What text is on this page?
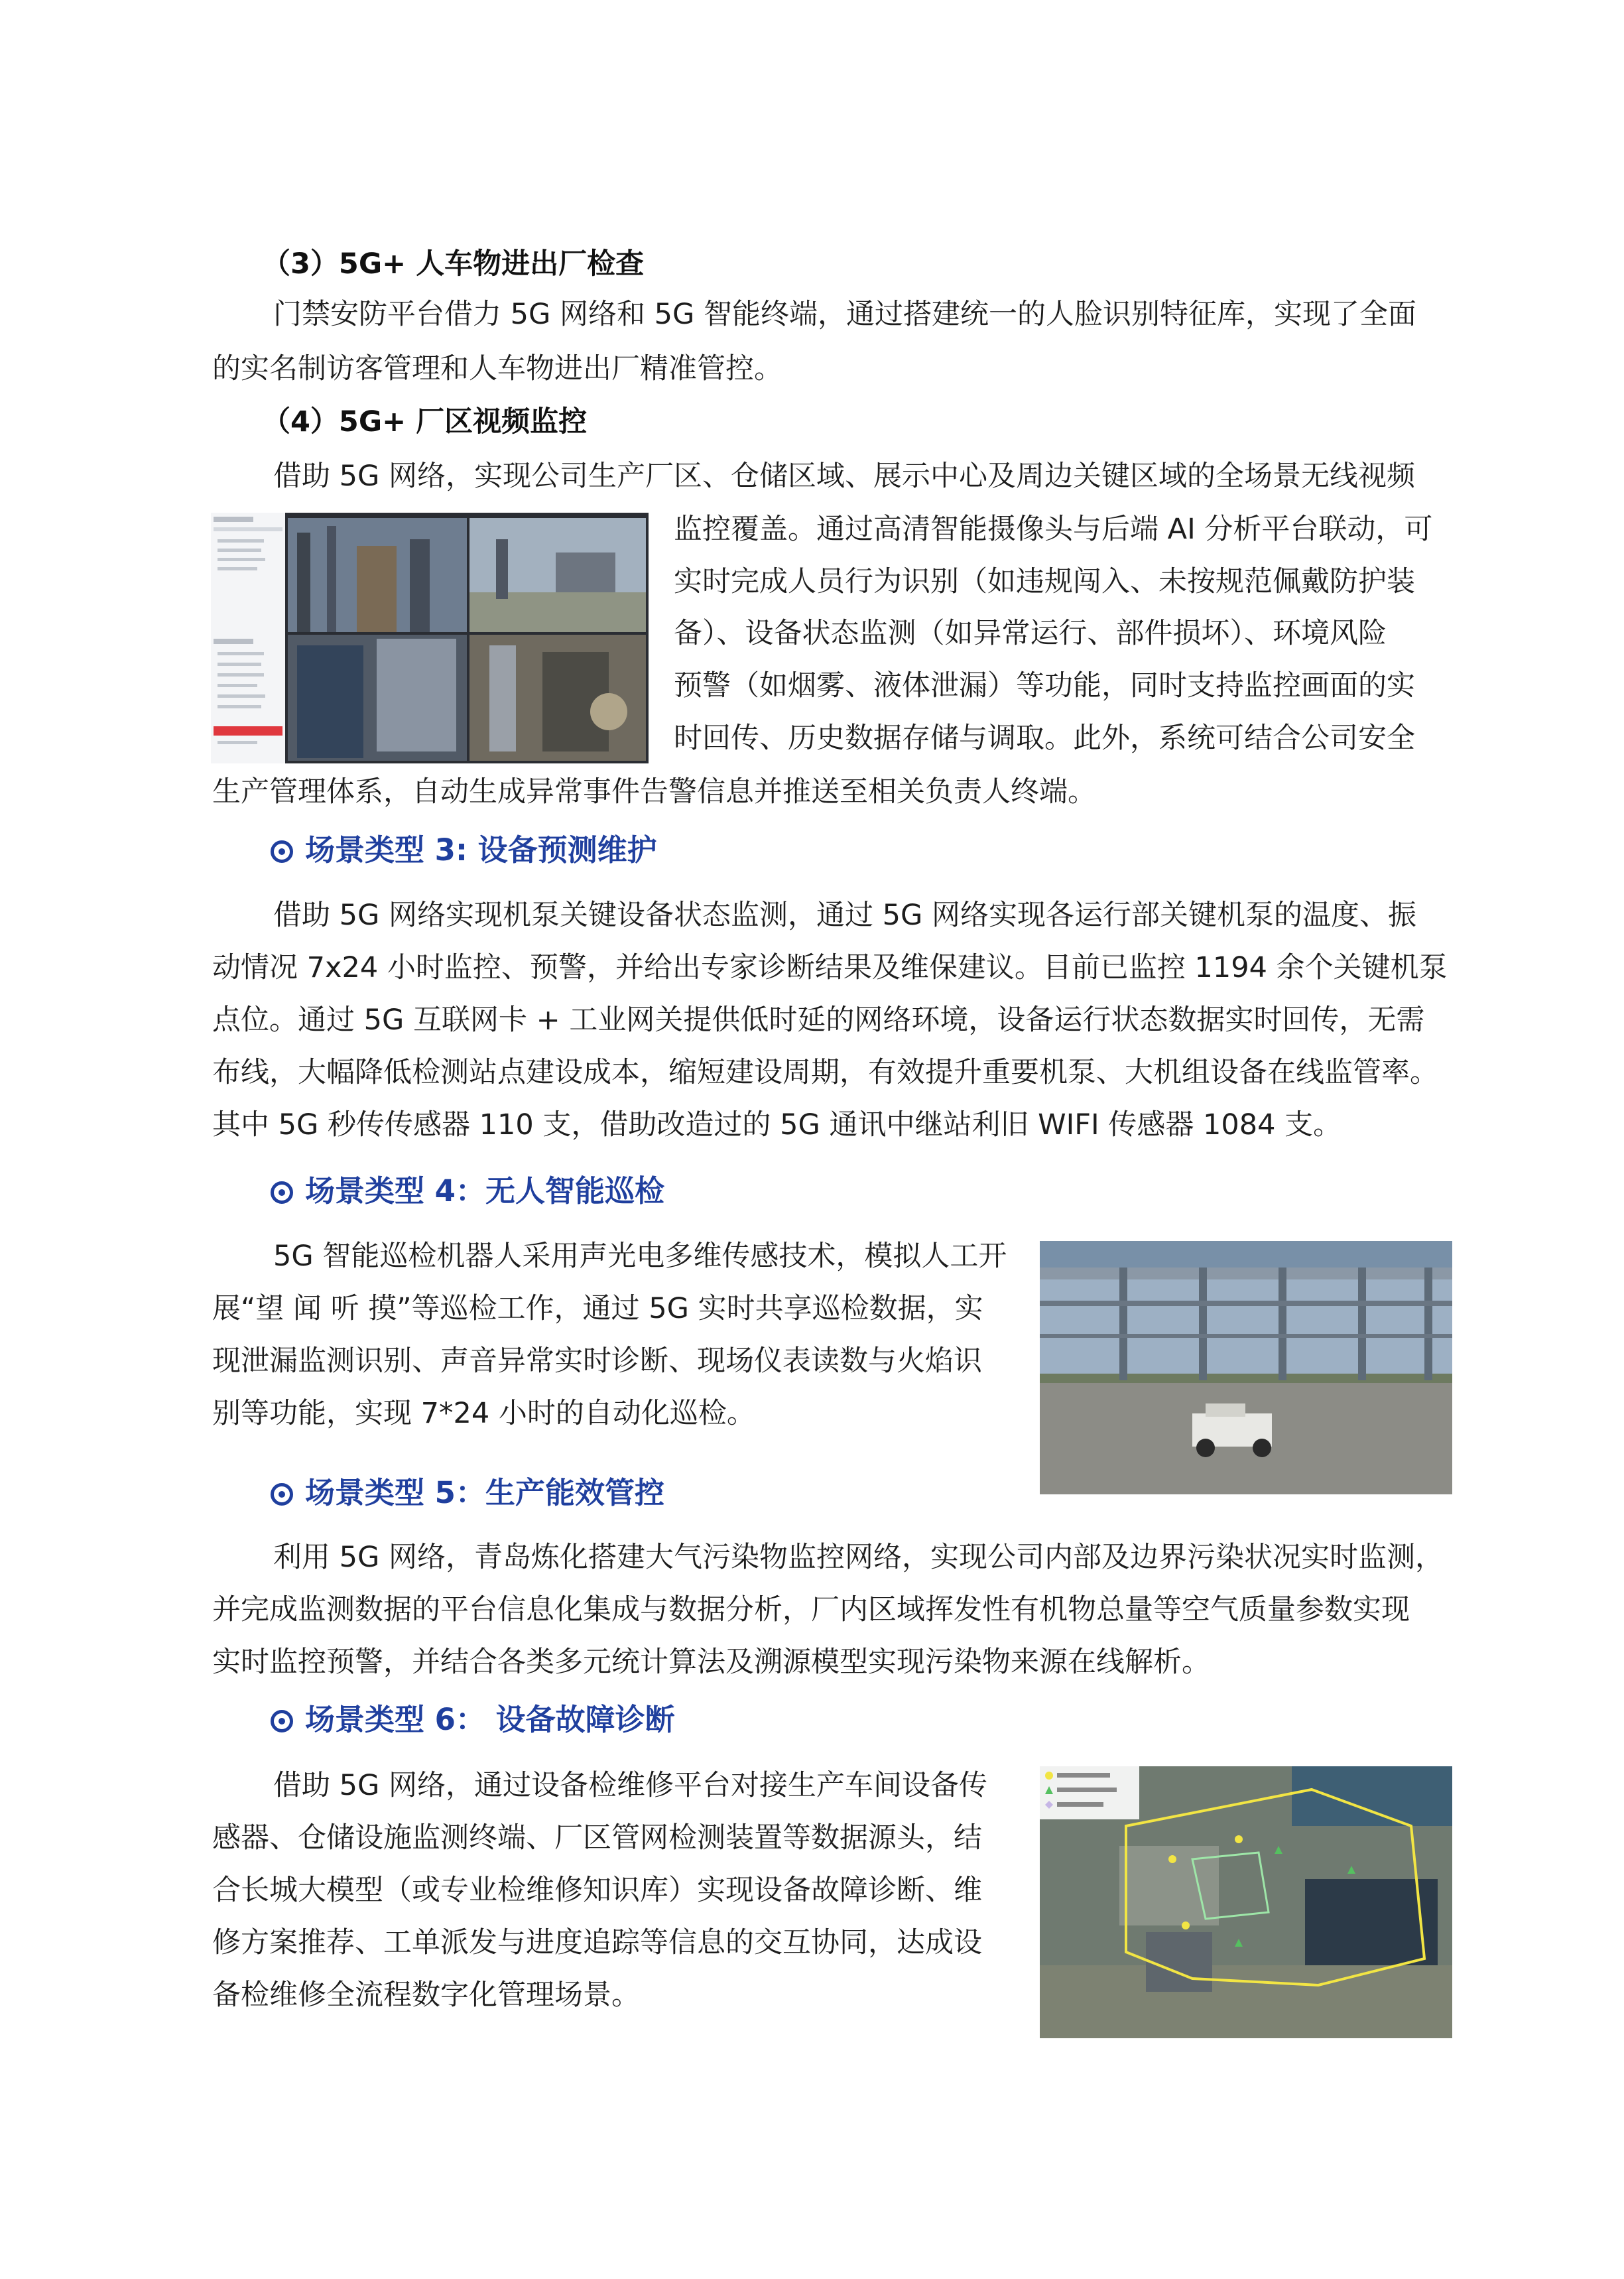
（3）5G+ 人车物进出厂检查
门禁安防平台借力 5G 网络和 5G 智能终端，通过搭建统一的人脸识别特征库，实现了全面
的实名制访客管理和人车物进出厂精准管控。
（4）5G+ 厂区视频监控
借助 5G 网络，实现公司生产厂区、仓储区域、展示中心及周边关键区域的全场景无线视频
监控覆盖。通过高清智能摄像头与后端 AI 分析平台联动，可
实时完成人员行为识别（如违规闯入、未按规范佩戴防护装
备）、设备状态监测（如异常运行、部件损坏）、环境风险
预警（如烟雾、液体泄漏）等功能，同时支持监控画面的实
时回传、历史数据存储与调取。此外，系统可结合公司安全
生产管理体系，自动生成异常事件告警信息并推送至相关负责人终端。
场景类型 3: 设备预测维护
借助 5G 网络实现机泵关键设备状态监测，通过 5G 网络实现各运行部关键机泵的温度、振
动情况 7x24 小时监控、预警，并给出专家诊断结果及维保建议。目前已监控 1194 余个关键机泵
点位。通过 5G 互联网卡 + 工业网关提供低时延的网络环境，设备运行状态数据实时回传，无需
布线，大幅降低检测站点建设成本，缩短建设周期，有效提升重要机泵、大机组设备在线监管率。
其中 5G 秒传传感器 110 支，借助改造过的 5G 通讯中继站利旧 WIFI 传感器 1084 支。
场景类型 4：无人智能巡检
5G 智能巡检机器人采用声光电多维传感技术，模拟人工开
展“望 闻 听 摸”等巡检工作，通过 5G 实时共享巡检数据，实
现泄漏监测识别、声音异常实时诊断、现场仪表读数与火焰识
别等功能，实现 7*24 小时的自动化巡检。
场景类型 5：生产能效管控
利用 5G 网络，青岛炼化搭建大气污染物监控网络，实现公司内部及边界污染状况实时监测，
并完成监测数据的平台信息化集成与数据分析，厂内区域挥发性有机物总量等空气质量参数实现
实时监控预警，并结合各类多元统计算法及溯源模型实现污染物来源在线解析。
场景类型 6： 设备故障诊断
借助 5G 网络，通过设备检维修平台对接生产车间设备传
感器、仓储设施监测终端、厂区管网检测装置等数据源头，结
合长城大模型（或专业检维修知识库）实现设备故障诊断、维
修方案推荐、工单派发与进度追踪等信息的交互协同，达成设
备检维修全流程数字化管理场景。
